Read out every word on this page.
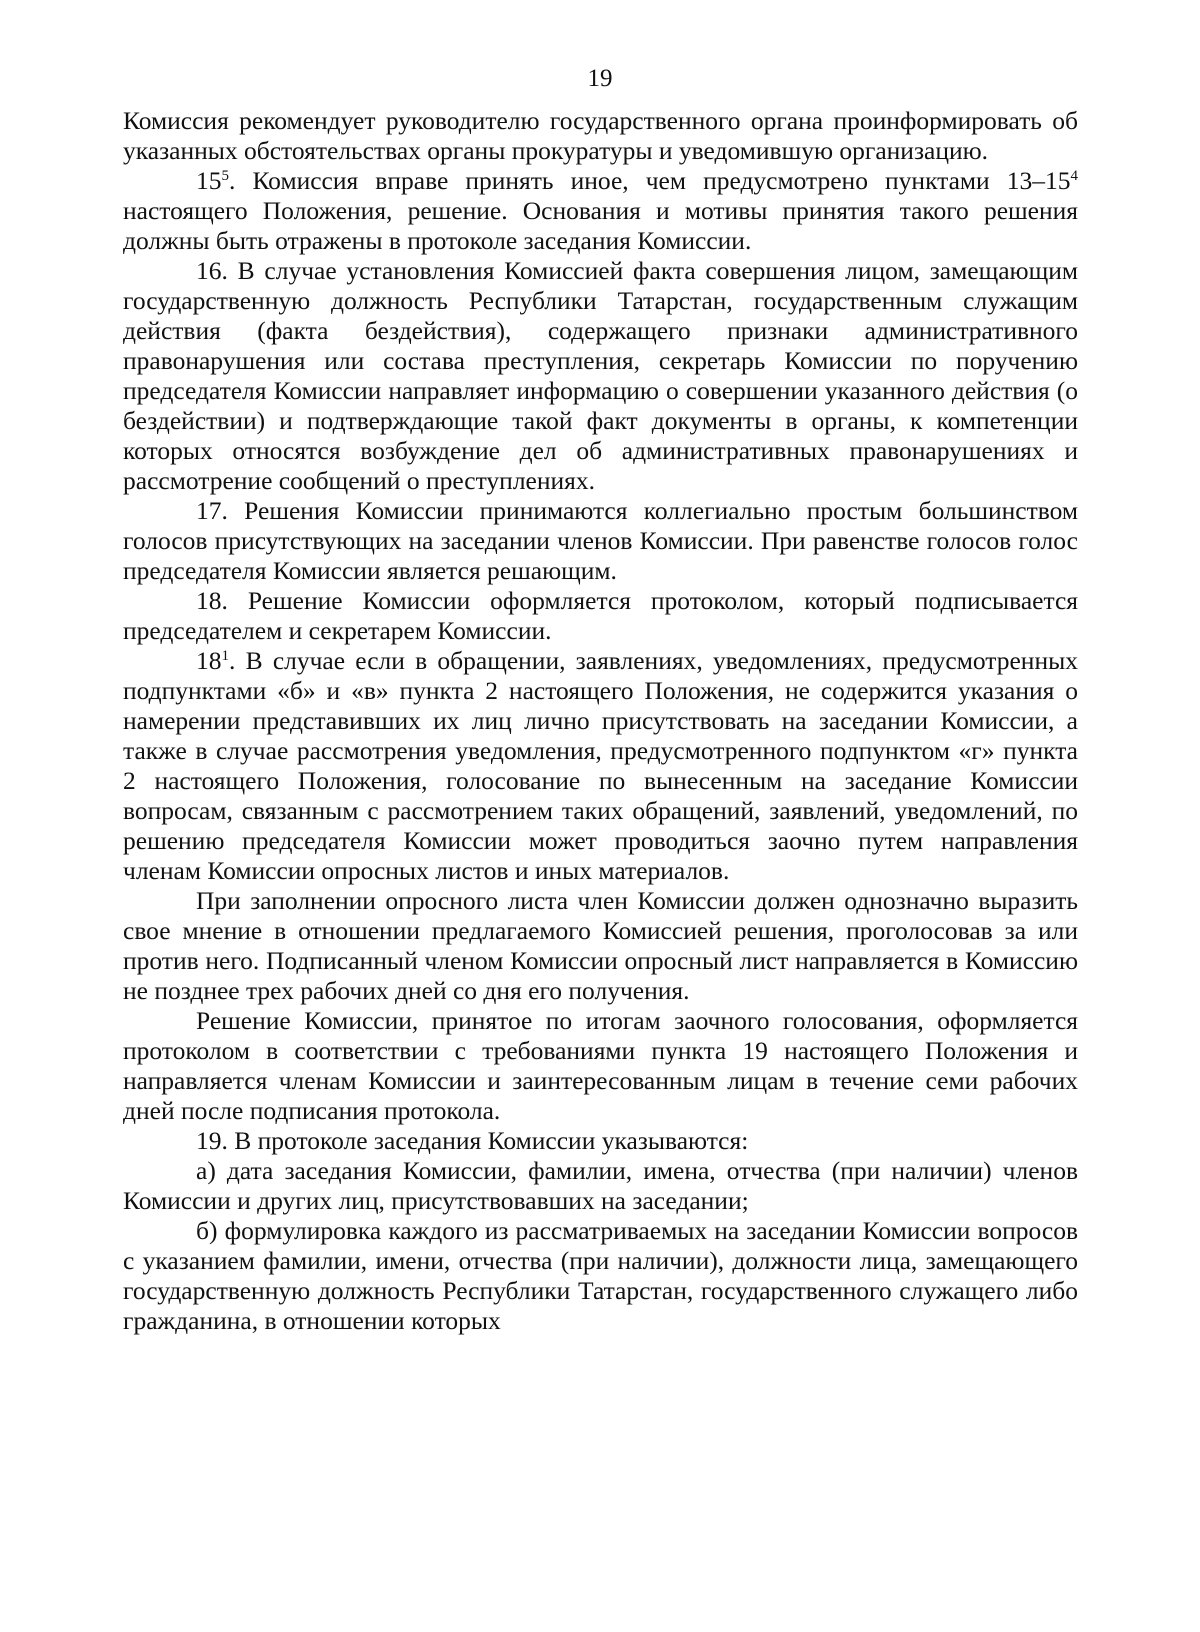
19

Комиссия рекомендует руководителю государственного органа проинформировать об указанных обстоятельствах органы прокуратуры и уведомившую организацию.

$15^5$. Комиссия вправе принять иное, чем предусмотрено пунктами $13-15^4$ настоящего Положения, решение. Основания и мотивы принятия такого решения должны быть отражены в протоколе заседания Комиссии.

16. В случае установления Комиссией факта совершения лицом, замещающим государственную должность Республики Татарстан, государственным служащим действия (факта бездействия), содержащего признаки административного правонарушения или состава преступления, секретарь Комиссии по поручению председателя Комиссии направляет информацию о совершении указанного действия (о бездействии) и подтверждающие такой факт документы в органы, к компетенции которых относятся возбуждение дел об административных правонарушениях и рассмотрение сообщений о преступлениях.

17. Решения Комиссии принимаются коллегиально простым большинством голосов присутствующих на заседании членов Комиссии. При равенстве голосов голос председателя Комиссии является решающим.

18. Решение Комиссии оформляется протоколом, который подписывается председателем и секретарем Комиссии.

$18^1$. В случае если в обращении, заявлениях, уведомлениях, предусмотренных подпунктами «б» и «в» пункта 2 настоящего Положения, не содержится указания о намерении представивших их лиц лично присутствовать на заседании Комиссии, а также в случае рассмотрения уведомления, предусмотренного подпунктом «г» пункта 2 настоящего Положения, голосование по вынесенным на заседание Комиссии вопросам, связанным с рассмотрением таких обращений, заявлений, уведомлений, по решению председателя Комиссии может проводиться заочно путем направления членам Комиссии опросных листов и иных материалов.

При заполнении опросного листа член Комиссии должен однозначно выразить свое мнение в отношении предлагаемого Комиссией решения, проголосовав за или против него. Подписанный членом Комиссии опросный лист направляется в Комиссию не позднее трех рабочих дней со дня его получения.

Решение Комиссии, принятое по итогам заочного голосования, оформляется протоколом в соответствии с требованиями пункта 19 настоящего Положения и направляется членам Комиссии и заинтересованным лицам в течение семи рабочих дней после подписания протокола.

19. В протоколе заседания Комиссии указываются:

а) дата заседания Комиссии, фамилии, имена, отчества (при наличии) членов Комиссии и других лиц, присутствовавших на заседании;

б) формулировка каждого из рассматриваемых на заседании Комиссии вопросов с указанием фамилии, имени, отчества (при наличии), должности лица, замещающего государственную должность Республики Татарстан, государственного служащего либо гражданина, в отношении которых
